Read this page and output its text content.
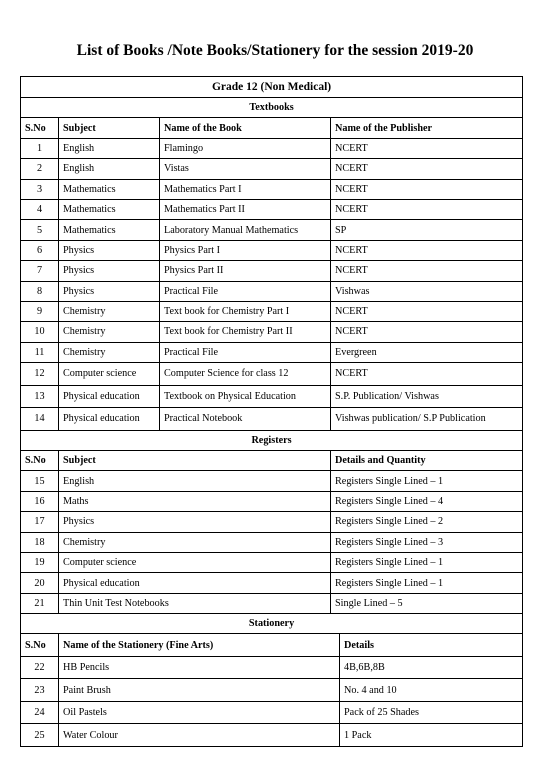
List of Books /Note Books/Stationery for the session 2019-20
Grade 12 (Non Medical)				
Textbooks				
S.No	Subject	Name of the Book	Name of the Publisher	
1	English	Flamingo	NCERT	
2	English	Vistas	NCERT	
3	Mathematics	Mathematics Part I	NCERT	
4	Mathematics	Mathematics Part II	NCERT	
5	Mathematics	Laboratory Manual Mathematics	SP	
6	Physics	Physics Part I	NCERT	
7	Physics	Physics Part II	NCERT	
8	Physics	Practical File	Vishwas	
9	Chemistry	Text book for Chemistry Part I	NCERT	
10	Chemistry	Text book for Chemistry Part II	NCERT	
11	Chemistry	Practical File	Evergreen	
12	Computer science	Computer Science for class 12	NCERT	
13	Physical education	Textbook on Physical Education	S.P. Publication/ Vishwas	
14	Physical education	Practical Notebook	Vishwas publication/ S.P Publication	
Registers				
S.No	Subject		Details and Quantity	
15	English		Registers Single Lined – 1	
16	Maths		Registers Single Lined – 4	
17	Physics		Registers Single Lined – 2	
18	Chemistry		Registers Single Lined – 3	
19	Computer science		Registers Single Lined – 1	
20	Physical education		Registers Single Lined – 1	
21	Thin Unit Test Notebooks		Single Lined – 5	
Stationery				
S.No	Name of the Stationery (Fine Arts)			Details
22	HB Pencils			4B,6B,8B
23	Paint Brush			No. 4 and 10
24	Oil Pastels			Pack of 25 Shades
25	Water Colour			1 Pack
